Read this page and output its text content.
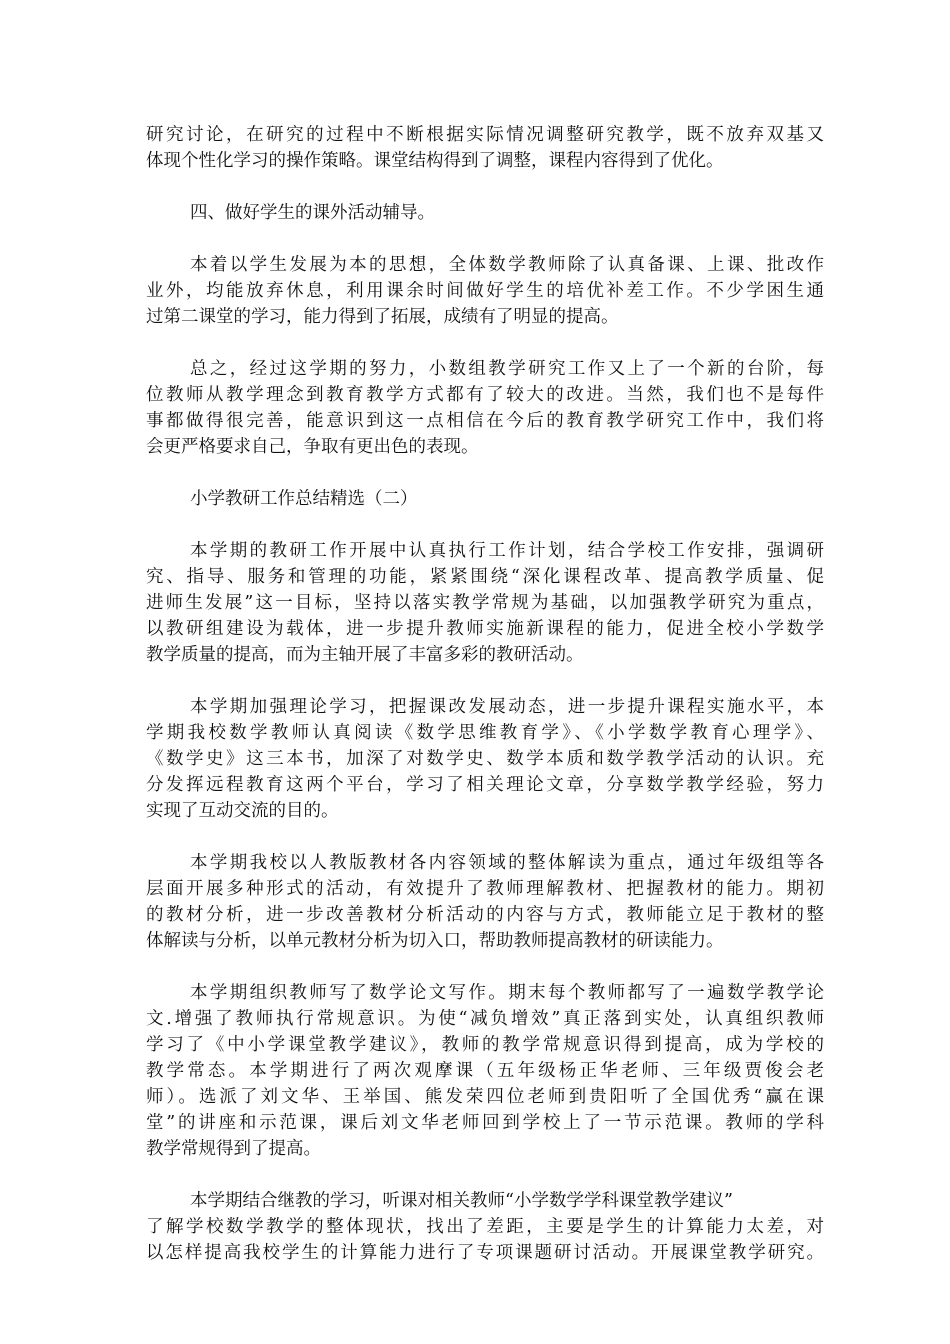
研究讨论，在研究的过程中不断根据实际情况调整研究教学，既不放弃双基又
体现个性化学习的操作策略。课堂结构得到了调整，课程内容得到了优化。
四、做好学生的课外活动辅导。
本着以学生发展为本的思想，全体数学教师除了认真备课、上课、批改作
业外，均能放弃休息，利用课余时间做好学生的培优补差工作。不少学困生通
过第二课堂的学习，能力得到了拓展，成绩有了明显的提高。
总之，经过这学期的努力，小数组教学研究工作又上了一个新的台阶，每
位教师从教学理念到教育教学方式都有了较大的改进。当然，我们也不是每件
事都做得很完善，能意识到这一点相信在今后的教育教学研究工作中，我们将
会更严格要求自己，争取有更出色的表现。
小学教研工作总结精选（二）
本学期的教研工作开展中认真执行工作计划，结合学校工作安排，强调研
究、指导、服务和管理的功能，紧紧围绕“深化课程改革、提高教学质量、促
进师生发展”这一目标，坚持以落实教学常规为基础，以加强教学研究为重点，
以教研组建设为载体，进一步提升教师实施新课程的能力，促进全校小学数学
教学质量的提高，而为主轴开展了丰富多彩的教研活动。
本学期加强理论学习，把握课改发展动态，进一步提升课程实施水平，本
学期我校数学教师认真阅读《数学思维教育学》、《小学数学教育心理学》、
《数学史》这三本书，加深了对数学史、数学本质和数学教学活动的认识。充
分发挥远程教育这两个平台，学习了相关理论文章，分享数学教学经验，努力
实现了互动交流的目的。
本学期我校以人教版教材各内容领域的整体解读为重点，通过年级组等各
层面开展多种形式的活动，有效提升了教师理解教材、把握教材的能力。期初
的教材分析，进一步改善教材分析活动的内容与方式，教师能立足于教材的整
体解读与分析，以单元教材分析为切入口，帮助教师提高教材的研读能力。
本学期组织教师写了数学论文写作。期末每个教师都写了一遍数学教学论
文.增强了教师执行常规意识。为使“减负增效”真正落到实处，认真组织教师
学习了《中小学课堂教学建议》，教师的教学常规意识得到提高，成为学校的
教学常态。本学期进行了两次观摩课（五年级杨正华老师、三年级贾俊会老
师）。选派了刘文华、王举国、熊发荣四位老师到贵阳听了全国优秀“赢在课
堂”的讲座和示范课，课后刘文华老师回到学校上了一节示范课。教师的学科
教学常规得到了提高。
本学期结合继教的学习，听课对相关教师“小学数学学科课堂教学建议”
了解学校数学教学的整体现状，找出了差距，主要是学生的计算能力太差，对
以怎样提高我校学生的计算能力进行了专项课题研讨活动。开展课堂教学研究。
